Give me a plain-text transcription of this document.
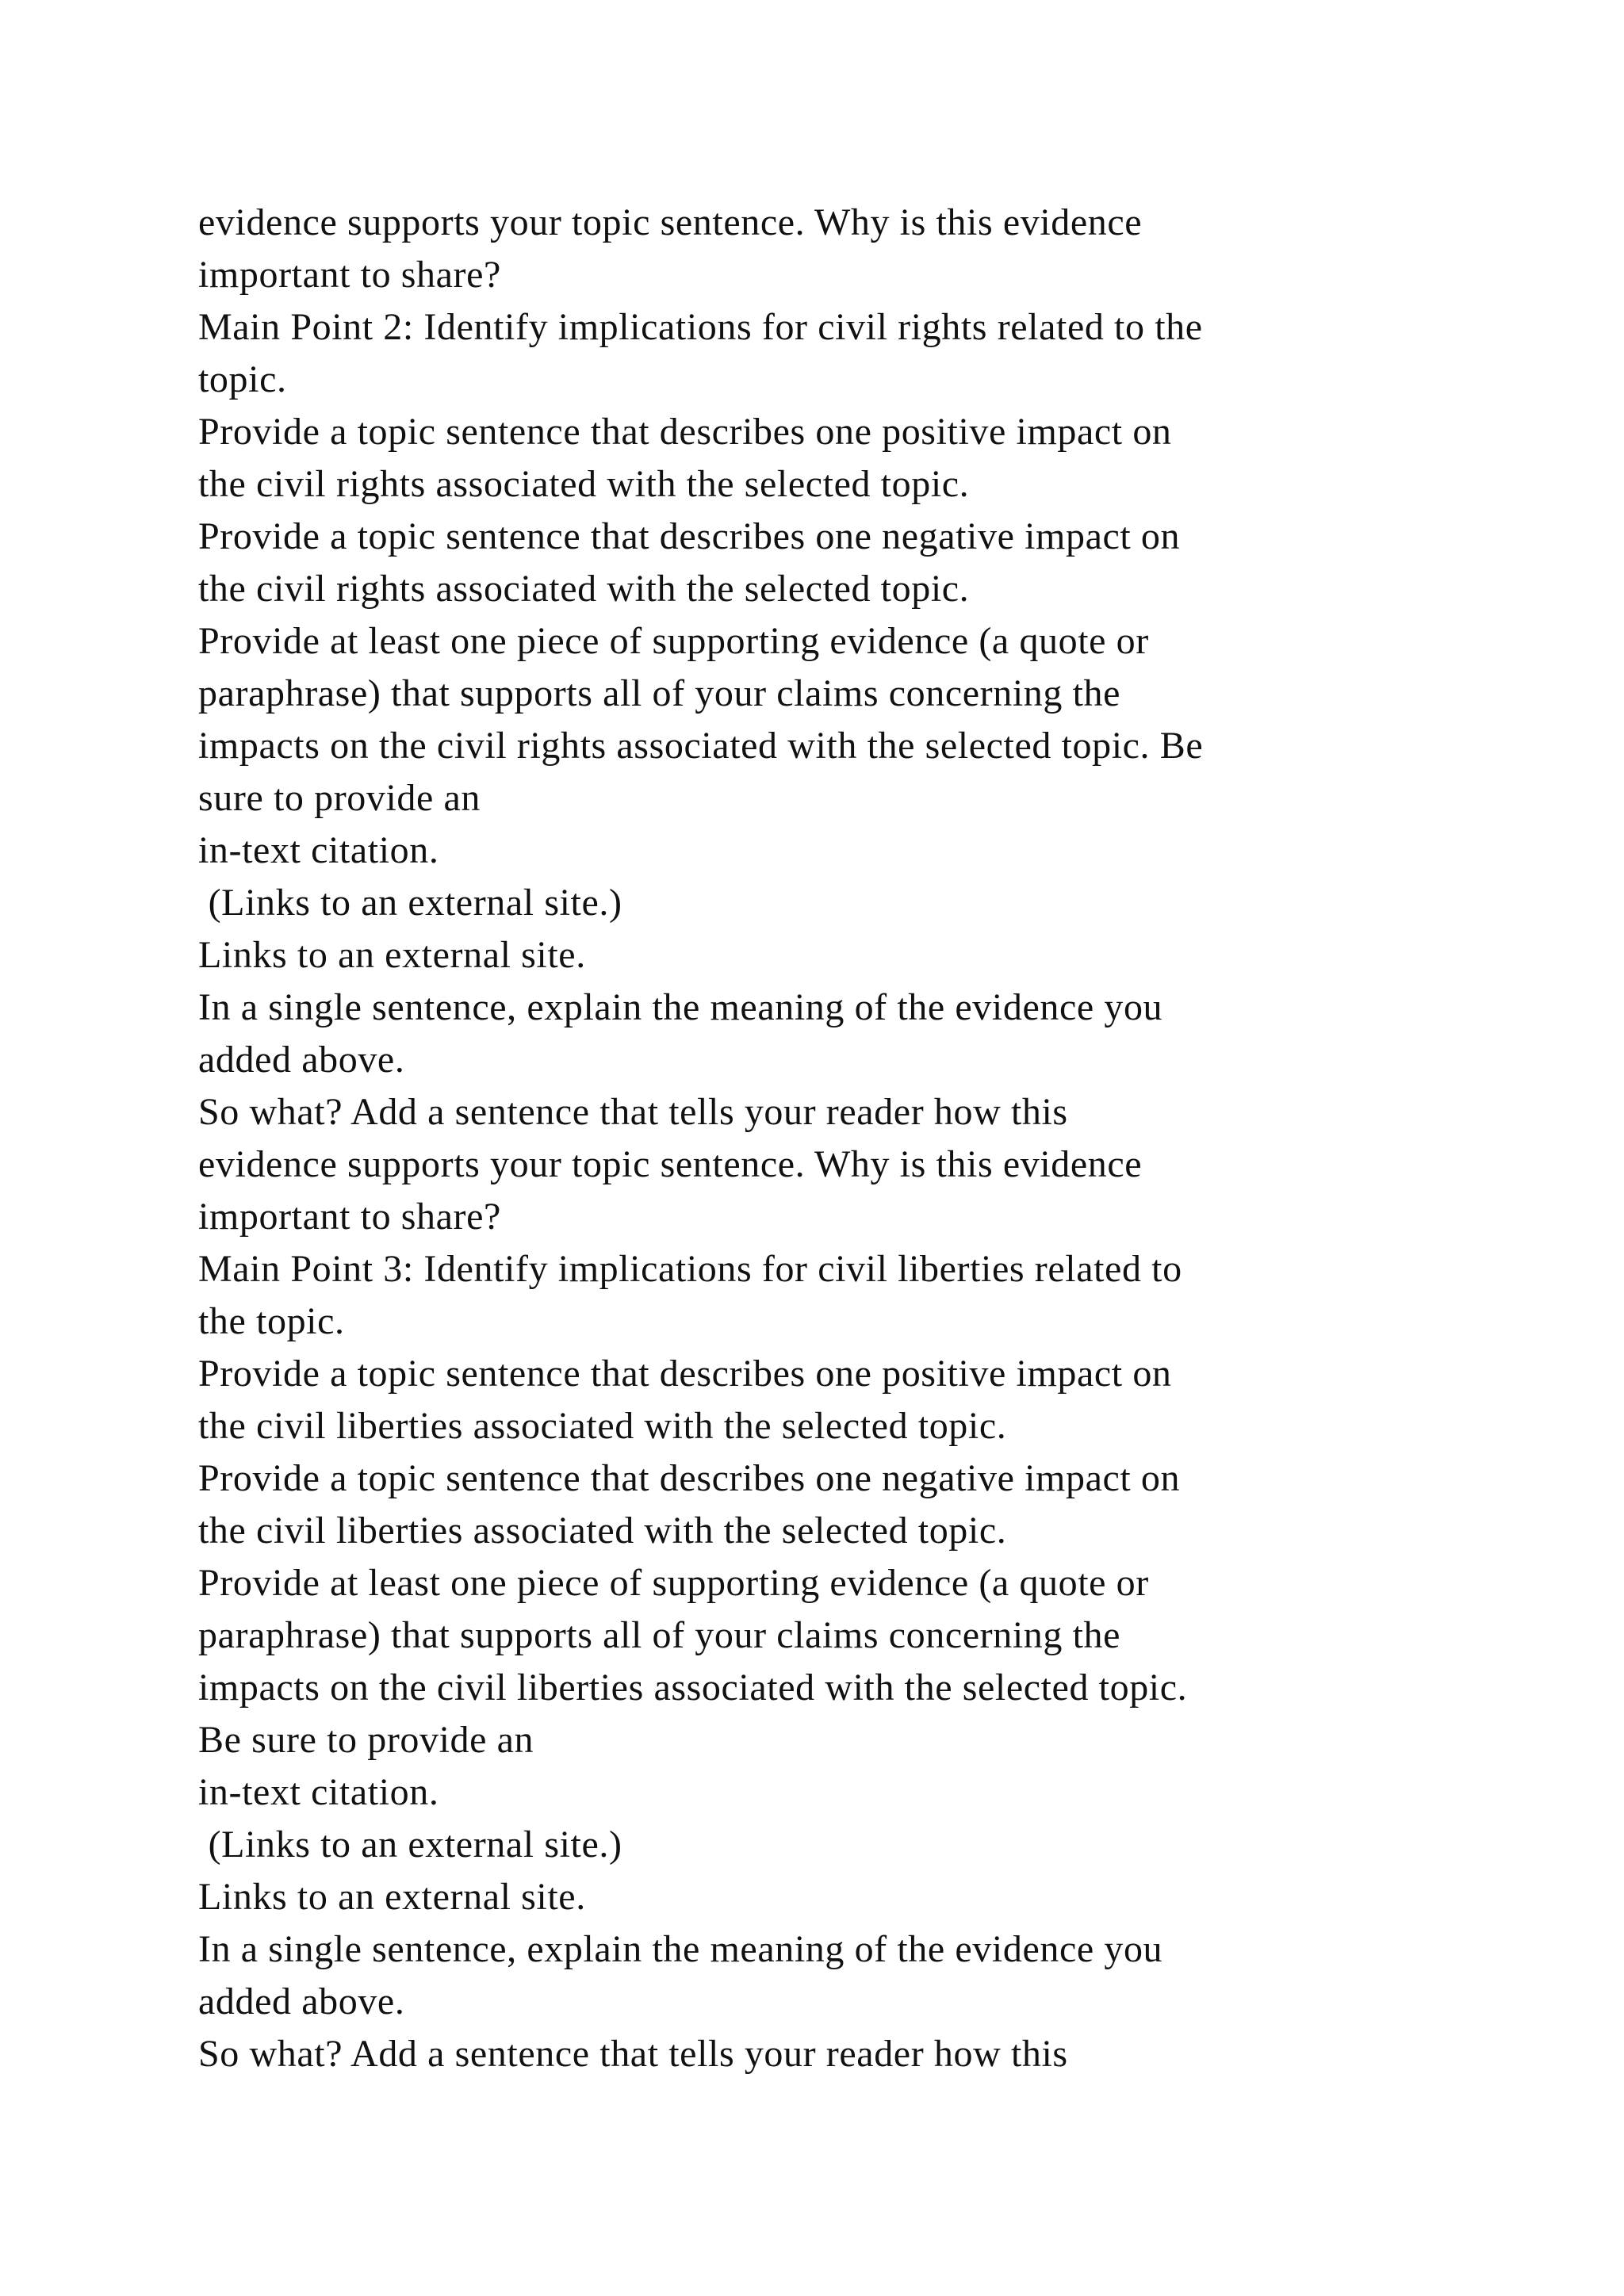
evidence supports your topic sentence. Why is this evidence
important to share?
Main Point 2: Identify implications for civil rights related to the
topic.
Provide a topic sentence that describes one positive impact on
the civil rights associated with the selected topic.
Provide a topic sentence that describes one negative impact on
the civil rights associated with the selected topic.
Provide at least one piece of supporting evidence (a quote or
paraphrase) that supports all of your claims concerning the
impacts on the civil rights associated with the selected topic. Be
sure to provide an
in-text citation.
(Links to an external site.)
Links to an external site.
In a single sentence, explain the meaning of the evidence you
added above.
So what? Add a sentence that tells your reader how this
evidence supports your topic sentence. Why is this evidence
important to share?
Main Point 3: Identify implications for civil liberties related to
the topic.
Provide a topic sentence that describes one positive impact on
the civil liberties associated with the selected topic.
Provide a topic sentence that describes one negative impact on
the civil liberties associated with the selected topic.
Provide at least one piece of supporting evidence (a quote or
paraphrase) that supports all of your claims concerning the
impacts on the civil liberties associated with the selected topic.
Be sure to provide an
in-text citation.
(Links to an external site.)
Links to an external site.
In a single sentence, explain the meaning of the evidence you
added above.
So what? Add a sentence that tells your reader how this
